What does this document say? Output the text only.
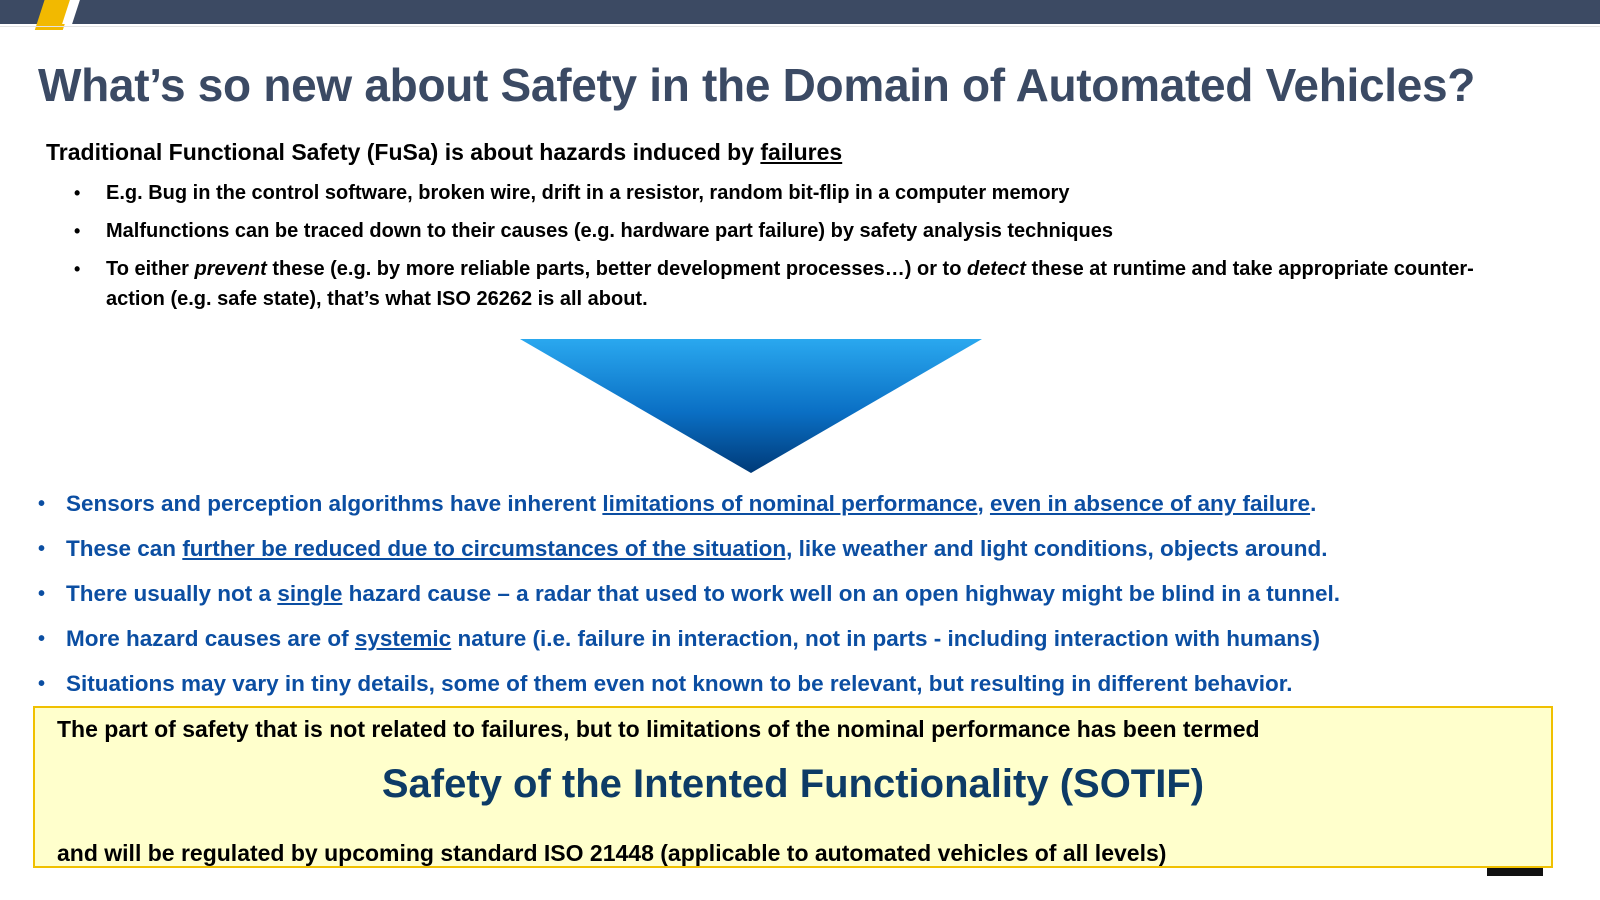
What’s so new about Safety in the Domain of Automated Vehicles?
Traditional Functional Safety (FuSa) is about hazards induced by failures
• E.g. Bug in the control software, broken wire, drift in a resistor, random bit-flip in a computer memory
• Malfunctions can be traced down to their causes (e.g. hardware part failure) by safety analysis techniques
• To either prevent these (e.g. by more reliable parts, better development processes…) or to detect these at runtime and take appropriate counter-action (e.g. safe state), that’s what ISO 26262 is all about.
• Sensors and perception algorithms have inherent limitations of nominal performance, even in absence of any failure.
• These can further be reduced due to circumstances of the situation, like weather and light conditions, objects around.
• There usually not a single hazard cause – a radar that used to work well on an open highway might be blind in a tunnel.
• More hazard causes are of systemic nature (i.e. failure in interaction, not in parts - including interaction with humans)
• Situations may vary in tiny details, some of them even not known to be relevant, but resulting in different behavior.
The part of safety that is not related to failures, but to limitations of the nominal performance has been termed
Safety of the Intented Functionality (SOTIF)
and will be regulated by upcoming standard ISO 21448 (applicable to automated vehicles of all levels)
